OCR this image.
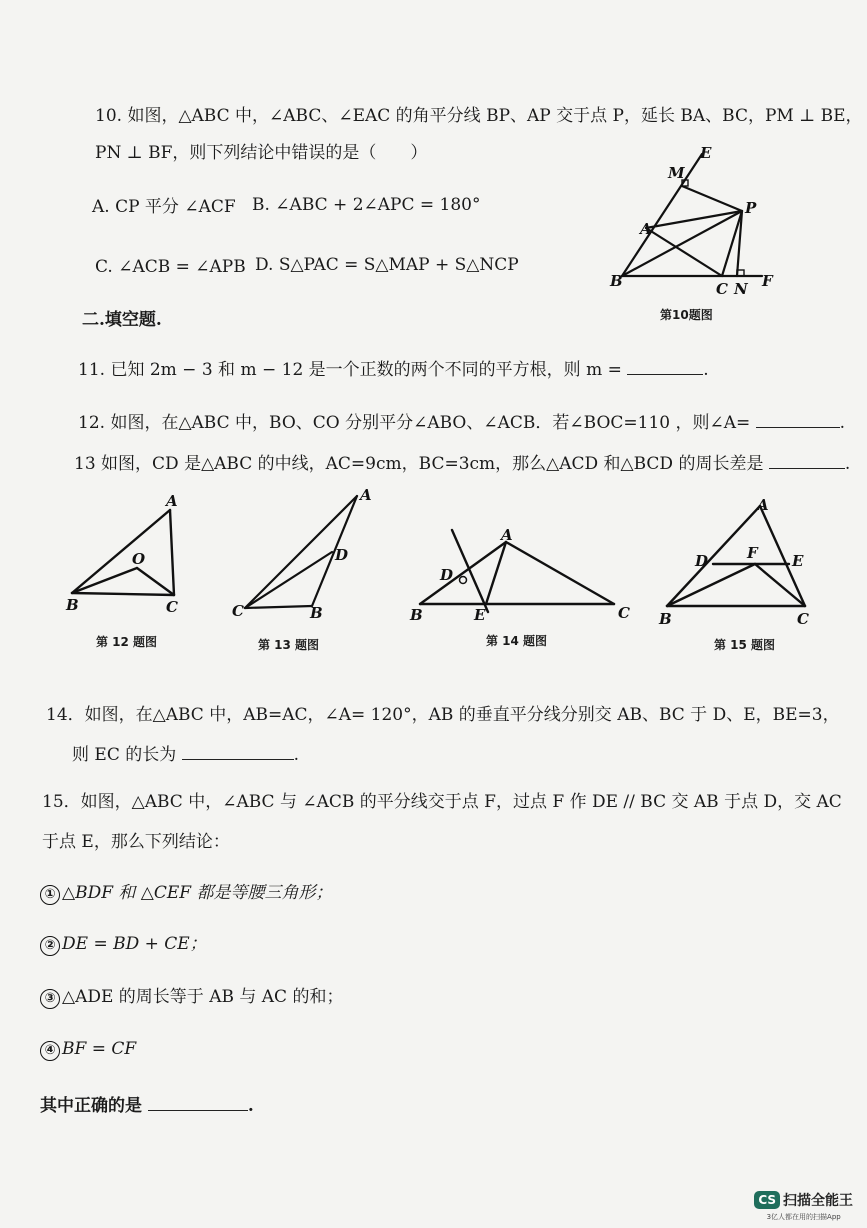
10. 如图，△ABC 中，∠ABC、∠EAC 的角平分线 BP、AP 交于点 P，延长 BA、BC，PM ⊥ BE，
PN ⊥ BF，则下列结论中错误的是（　　）
A. CP 平分 ∠ACF B. ∠ABC + 2∠APC = 180°
C. ∠ACB = ∠APB D. S△PAC = S△MAP + S△NCP
E
M
P
A
B	C N F
第10题图
二.填空题.
11. 已知 2m − 3 和 m − 12 是一个正数的两个不同的平方根，则 m =	.
12. 如图，在△ABC 中，BO、CO 分别平分∠ABO、∠ACB．若∠BOC=110 ，则∠A=	.
13 如图，CD 是△ABC 的中线，AC=9cm，BC=3cm，那么△ACD 和△BCD 的周长差是	.
A
O
B	C
第 12 题图
A
D
C	B
第 13 题图
A
D
B	E	C
第 14 题图
A
D	F E
B	C
第 15 题图
14．如图，在△ABC 中，AB=AC，∠A= 120°，AB 的垂直平分线分别交 AB、BC 于 D、E，BE=3，
则 EC 的长为	.
15．如图，△ABC 中，∠ABC 与 ∠ACB 的平分线交于点 F，过点 F 作 DE // BC 交 AB 于点 D，交 AC
于点 E，那么下列结论：
① △BDF 和 △CEF 都是等腰三角形；
② DE = BD + CE；
③ △ADE 的周长等于 AB 与 AC 的和；
④ BF = CF
其中正确的是	.
CS 扫描全能王
3亿人都在用的扫描App
